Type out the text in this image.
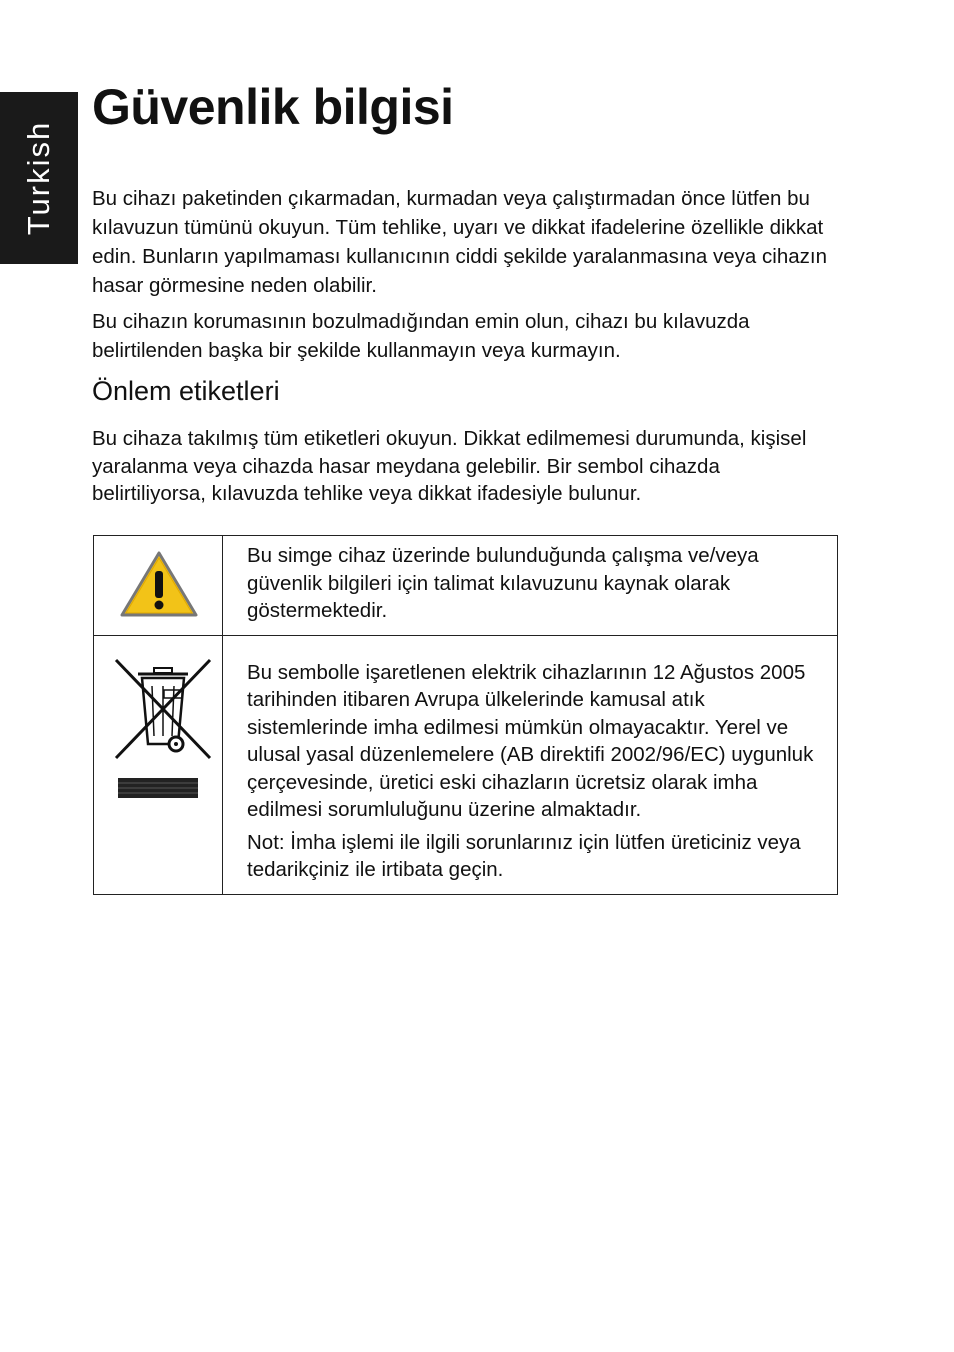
Turkish
Güvenlik bilgisi

Bu cihazı paketinden çıkarmadan, kurmadan veya çalıştırmadan önce lütfen bu kılavuzun tümünü okuyun. Tüm tehlike, uyarı ve dikkat ifadelerine özellikle dikkat edin. Bunların yapılmaması kullanıcının ciddi şekilde yaralanmasına veya cihazın hasar görmesine neden olabilir.

Bu cihazın korumasının bozulmadığından emin olun, cihazı bu kılavuzda belirtilenden başka bir şekilde kullanmayın veya kurmayın.

Önlem etiketleri

Bu cihaza takılmış tüm etiketleri okuyun. Dikkat edilmemesi durumunda, kişisel yaralanma veya cihazda hasar meydana gelebilir. Bir sembol cihazda belirtiliyorsa, kılavuzda tehlike veya dikkat ifadesiyle bulunur.

Bu simge cihaz üzerinde bulunduğunda çalışma ve/veya güvenlik bilgileri için talimat kılavuzunu kaynak olarak göstermektedir.

Bu sembolle işaretlenen elektrik cihazlarının 12 Ağustos 2005 tarihinden itibaren Avrupa ülkelerinde kamusal atık sistemlerinde imha edilmesi mümkün olmayacaktır. Yerel ve ulusal yasal düzenlemelere (AB direktifi 2002/96/EC) uygunluk çerçevesinde, üretici eski cihazların ücretsiz olarak imha edilmesi sorumluluğunu üzerine almaktadır.

Not: İmha işlemi ile ilgili sorunlarınız için lütfen üreticiniz veya tedarikçiniz ile irtibata geçin.
